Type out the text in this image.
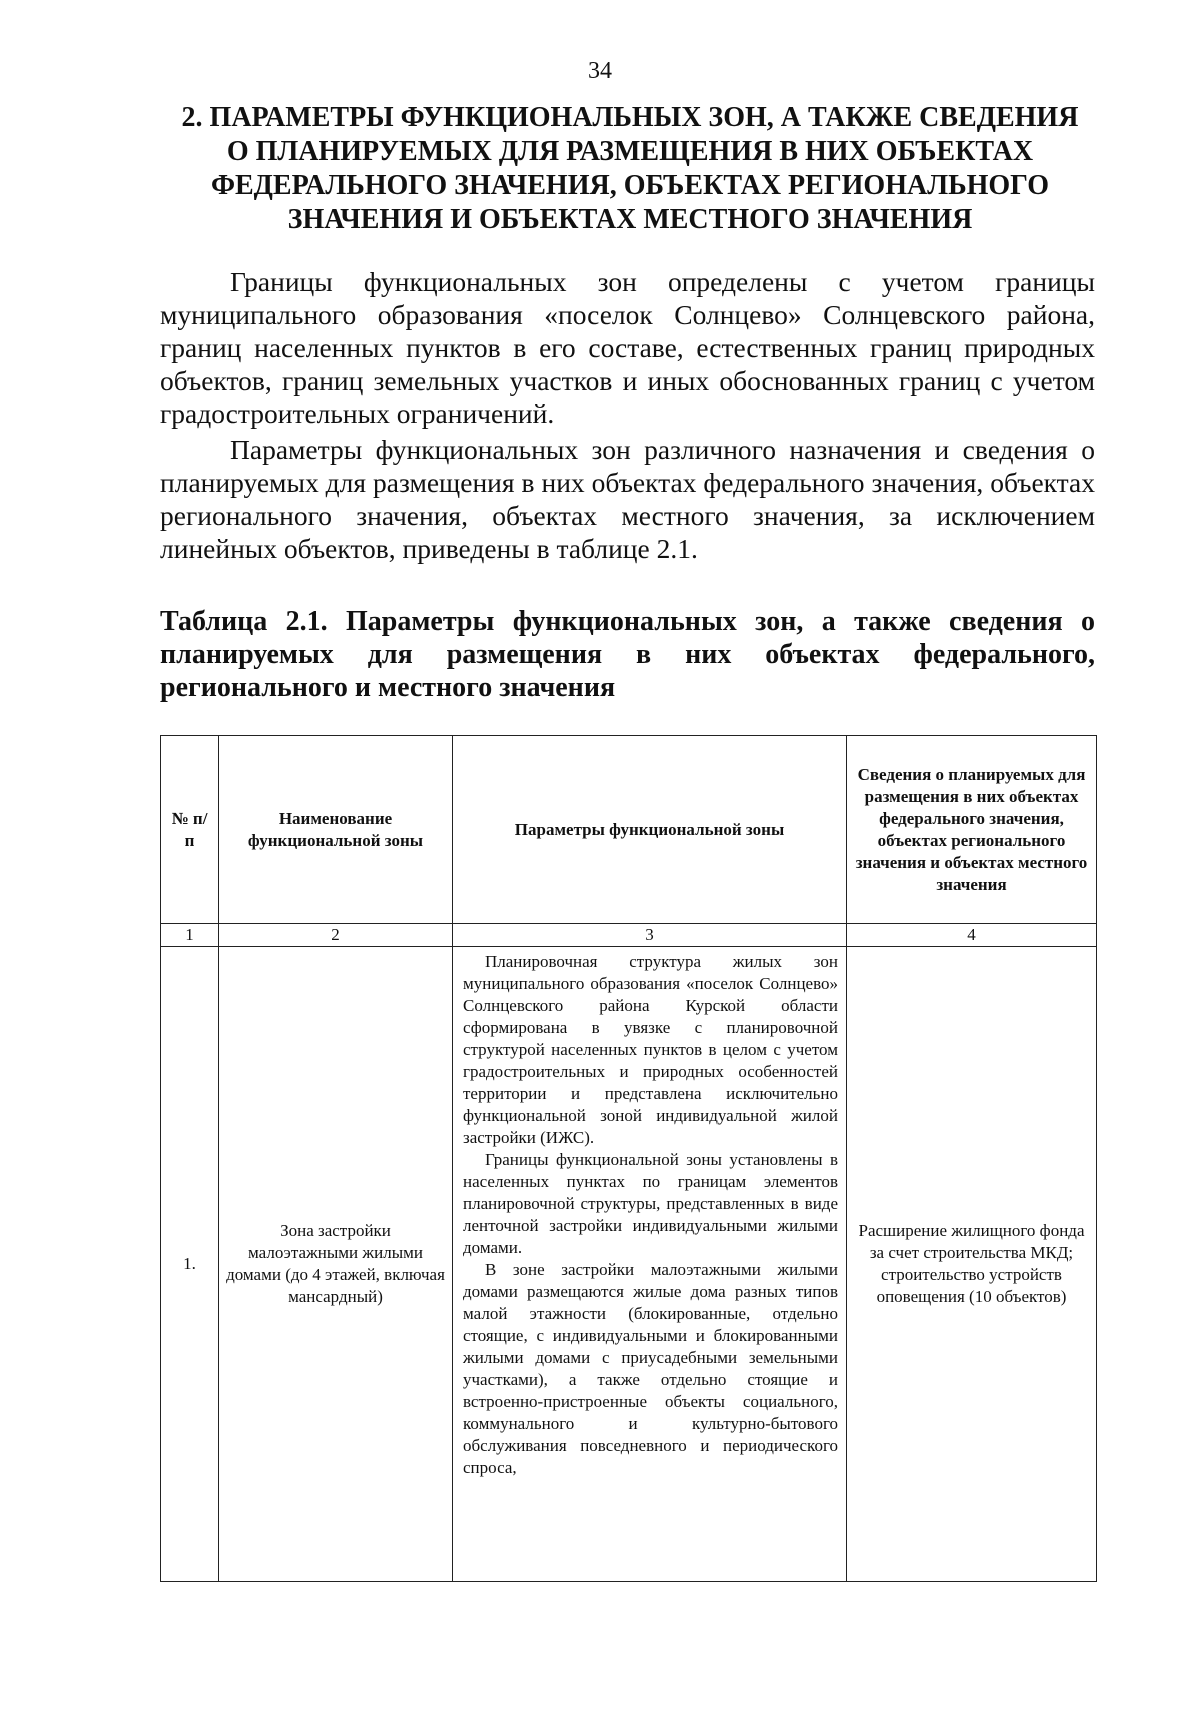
34
2. ПАРАМЕТРЫ ФУНКЦИОНАЛЬНЫХ ЗОН, А ТАКЖЕ СВЕДЕНИЯ
О ПЛАНИРУЕМЫХ ДЛЯ РАЗМЕЩЕНИЯ В НИХ ОБЪЕКТАХ
ФЕДЕРАЛЬНОГО ЗНАЧЕНИЯ, ОБЪЕКТАХ РЕГИОНАЛЬНОГО
ЗНАЧЕНИЯ И ОБЪЕКТАХ МЕСТНОГО ЗНАЧЕНИЯ

Границы функциональных зон определены с учетом границы муниципального образования «поселок Солнцево» Солнцевского района, границ населенных пунктов в его составе, естественных границ природных объектов, границ земельных участков и иных обоснованных границ с учетом градостроительных ограничений.

Параметры функциональных зон различного назначения и сведения о планируемых для размещения в них объектах федерального значения, объектах регионального значения, объектах местного значения, за исключением линейных объектов, приведены в таблице 2.1.

Таблица 2.1. Параметры функциональных зон, а также сведения о планируемых для размещения в них объектах федерального, регионального и местного значения
№ п/п	Наименование функциональной зоны	Параметры функциональной зоны	Сведения о планируемых для размещения в них объектах федерального значения, объектах регионального значения и объектах местного значения
1	2	3	4
1.	Зона застройки малоэтажными жилыми домами (до 4 этажей, включая мансардный)	Планировочная структура жилых зон муниципального образования «поселок Солнцево» Солнцевского района Курской области сформирована в увязке с планировочной структурой населенных пунктов в целом с учетом градостроительных и природных особенностей территории и представлена исключительно функциональной зоной индивидуальной жилой застройки (ИЖС).

Границы функциональной зоны установлены в населенных пунктах по границам элементов планировочной структуры, представленных в виде ленточной застройки индивидуальными жилыми домами.

В зоне застройки малоэтажными жилыми домами размещаются жилые дома разных типов малой этажности (блокированные, отдельно стоящие, с индивидуальными и блокированными жилыми домами с приусадебными земельными участками), а также отдельно стоящие и встроенно-пристроенные объекты социального, коммунального и культурно-бытового обслуживания повседневного и периодического спроса,	Расширение жилищного фонда за счет строительства МКД; строительство устройств оповещения (10 объектов)
